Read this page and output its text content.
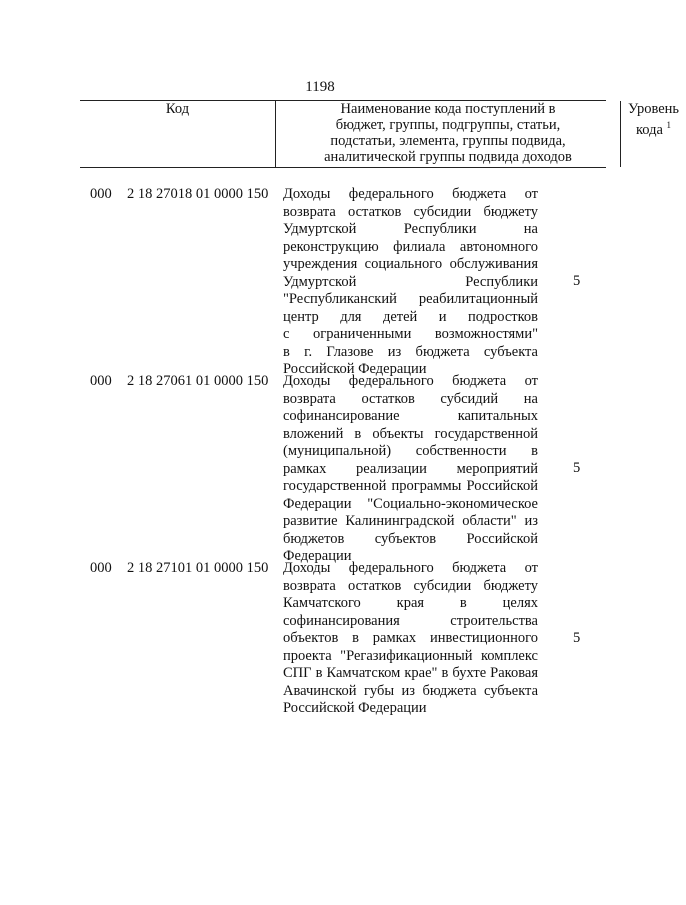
1198
Код	Наименование кода поступлений в
бюджет, группы, подгруппы, статьи,
подстатьи, элемента, группы подвида,
аналитической группы подвида доходов
Уровень
кода $^1$
000 2 18 27018 01 0000 150 Доходы федерального бюджета от
возврата остатков субсидии бюджету
Удмуртской Республики на
реконструкцию филиала автономного
учреждения социального обслуживания
Удмуртской Республики
"Республиканский реабилитационный
центр для детей и подростков
с ограниченными возможностями"
в г. Глазове из бюджета субъекта
Российской Федерации
5
000 2 18 27061 01 0000 150 Доходы федерального бюджета от
возврата остатков субсидий на
софинансирование капитальных
вложений в объекты государственной
(муниципальной) собственности в
рамках реализации мероприятий
государственной программы Российской
Федерации "Социально-экономическое
развитие Калининградской области" из
бюджетов субъектов Российской
Федерации
5
000 2 18 27101 01 0000 150 Доходы федерального бюджета от
возврата остатков субсидии бюджету
Камчатского края в целях
софинансирования строительства
объектов в рамках инвестиционного
проекта "Регазификационный комплекс
СПГ в Камчатском крае" в бухте Раковая
Авачинской губы из бюджета субъекта
Российской Федерации
5
